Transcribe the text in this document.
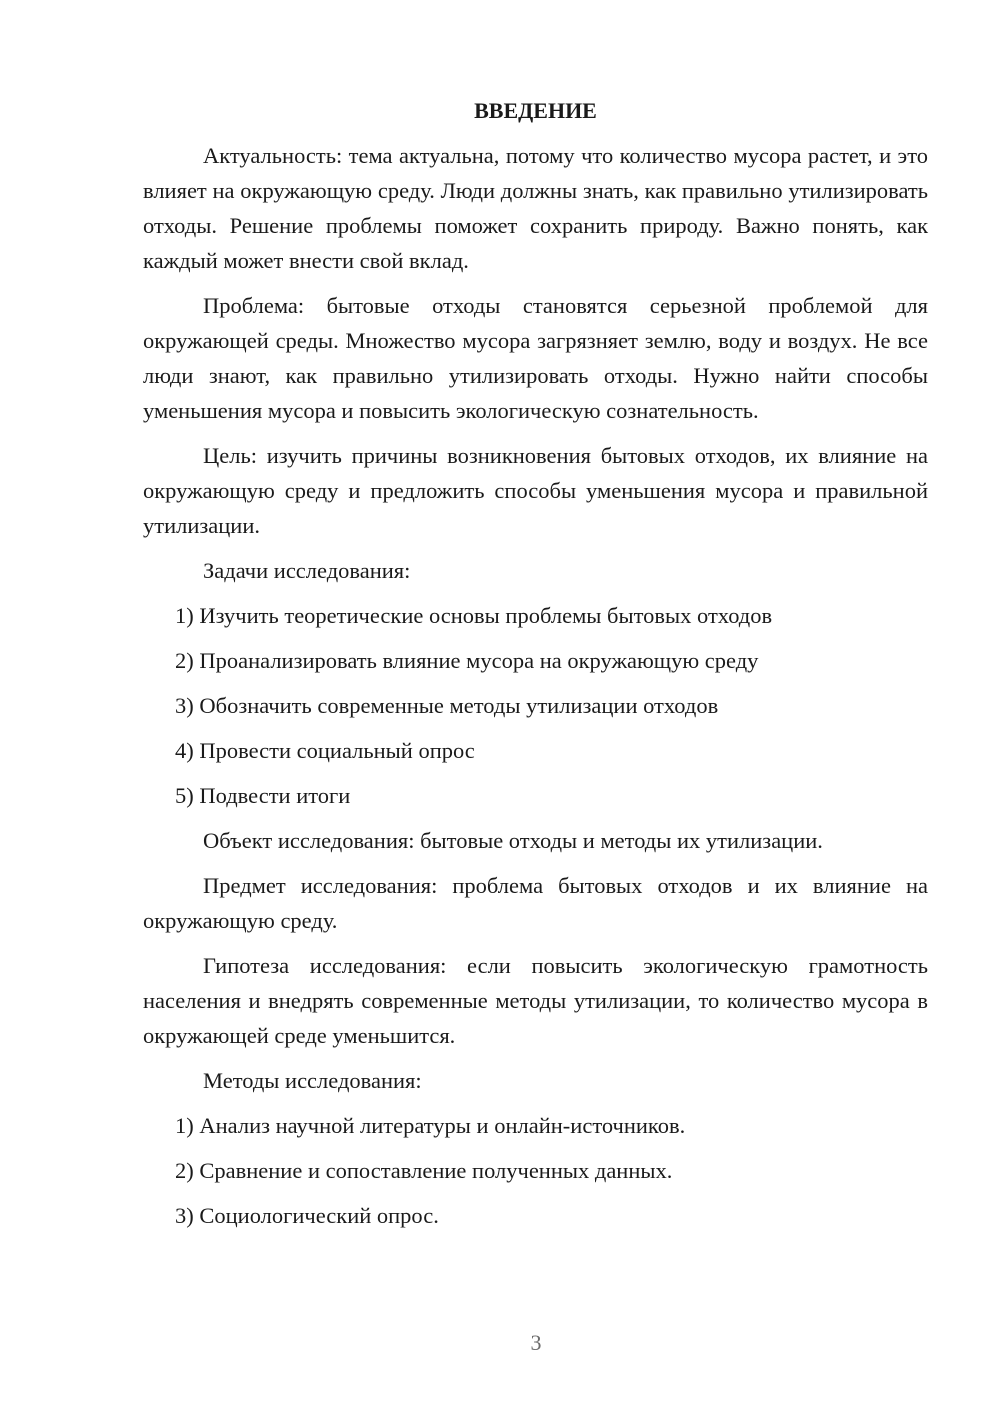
ВВЕДЕНИЕ

Актуальность: тема актуальна, потому что количество мусора растет, и это влияет на окружающую среду. Люди должны знать, как правильно утилизировать отходы. Решение проблемы поможет сохранить природу. Важно понять, как каждый может внести свой вклад.

Проблема: бытовые отходы становятся серьезной проблемой для окружающей среды. Множество мусора загрязняет землю, воду и воздух. Не все люди знают, как правильно утилизировать отходы. Нужно найти способы уменьшения мусора и повысить экологическую сознательность.

Цель: изучить причины возникновения бытовых отходов, их влияние на окружающую среду и предложить способы уменьшения мусора и правильной утилизации.

Задачи исследования:

1) Изучить теоретические основы проблемы бытовых отходов
2) Проанализировать влияние мусора на окружающую среду
3) Обозначить современные методы утилизации отходов
4) Провести социальный опрос
5) Подвести итоги

Объект исследования: бытовые отходы и методы их утилизации.

Предмет исследования: проблема бытовых отходов и их влияние на окружающую среду.

Гипотеза исследования: если повысить экологическую грамотность населения и внедрять современные методы утилизации, то количество мусора в окружающей среде уменьшится.

Методы исследования:

1) Анализ научной литературы и онлайн-источников.
2) Сравнение и сопоставление полученных данных.
3) Социологический опрос.
3
